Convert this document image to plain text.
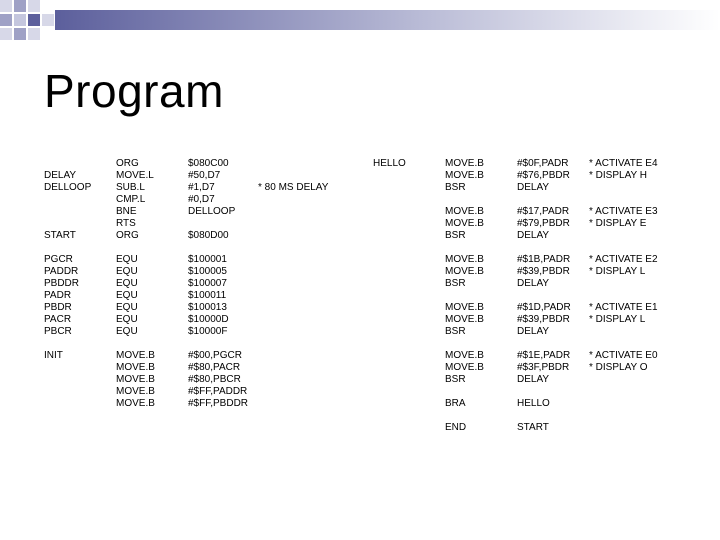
Program
DELAY
DELLOOP
START
PGCR
PADDR
PBDDR
PADR
PBDR
PACR
PBCR
INIT
ORG
MOVE.L
SUB.L
CMP.L
BNE
RTS
ORG
EQU
EQU
EQU
EQU
EQU
EQU
EQU
MOVE.B
MOVE.B
MOVE.B
MOVE.B
MOVE.B
$080C00
#50,D7
#1,D7
#0,D7
DELLOOP
$080D00
$100001
$100005
$100007
$100011
$100013
$10000D
$10000F
#$00,PGCR
#$80,PACR
#$80,PBCR
#$FF,PADDR
#$FF,PBDDR
* 80 MS DELAY
HELLO	MOVE.B
MOVE.B
BSR
MOVE.B
MOVE.B
BSR
MOVE.B
MOVE.B
BSR
MOVE.B
MOVE.B
BSR
MOVE.B
MOVE.B
BSR
BRA
END
#$0F,PADR
#$76,PBDR
DELAY
#$17,PADR
#$79,PBDR
DELAY
#$1B,PADR
#$39,PBDR
DELAY
#$1D,PADR
#$39,PBDR
DELAY
#$1E,PADR
#$3F,PBDR
DELAY
HELLO
START
* ACTIVATE E4
* DISPLAY H
* ACTIVATE E3
* DISPLAY E
* ACTIVATE E2
* DISPLAY L
* ACTIVATE E1
* DISPLAY L
* ACTIVATE E0
* DISPLAY O
